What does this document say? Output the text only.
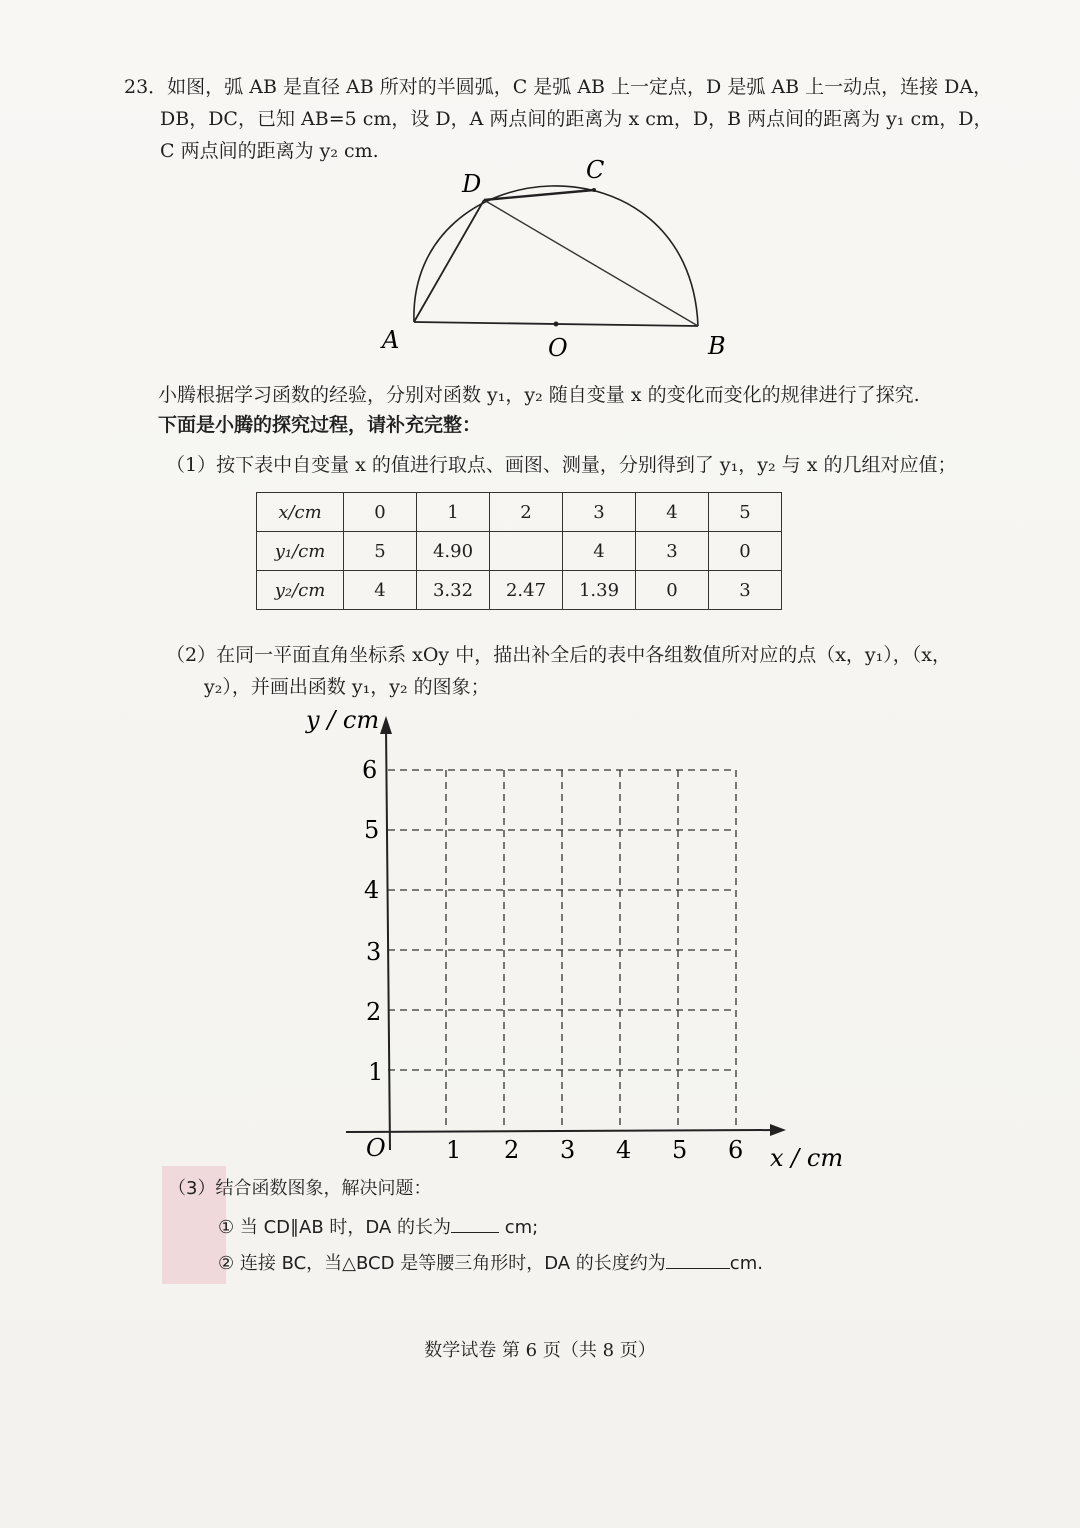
23．如图，弧 AB 是直径 AB 所对的半圆弧，C 是弧 AB 上一定点，D 是弧 AB 上一动点，连接 DA，
DB，DC，已知 AB=5 cm，设 D，A 两点间的距离为 x cm，D，B 两点间的距离为 y₁ cm，D，
C 两点间的距离为 y₂ cm.
D	C
A	O	B
小腾根据学习函数的经验，分别对函数 y₁，y₂ 随自变量 x 的变化而变化的规律进行了探究.
下面是小腾的探究过程，请补充完整：
（1）按下表中自变量 x 的值进行取点、画图、测量，分别得到了 y₁，y₂ 与 x 的几组对应值；
x/cm	0	1	2	3	4	5
y₁/cm	5	4.90		4	3	0
y₂/cm	4	3.32	2.47	1.39	0	3
（2）在同一平面直角坐标系 xOy 中，描出补全后的表中各组数值所对应的点（x，y₁），（x，
y₂），并画出函数 y₁，y₂ 的图象；
y / cm
x / cm
O	1 2 3 4 5 6
1
2
3
4
5
6
（3）结合函数图象，解决问题：
① 当 CD∥AB 时，DA 的长为	cm;
② 连接 BC，当△BCD 是等腰三角形时，DA 的长度约为	cm.
数学试卷 第 6 页（共 8 页）
